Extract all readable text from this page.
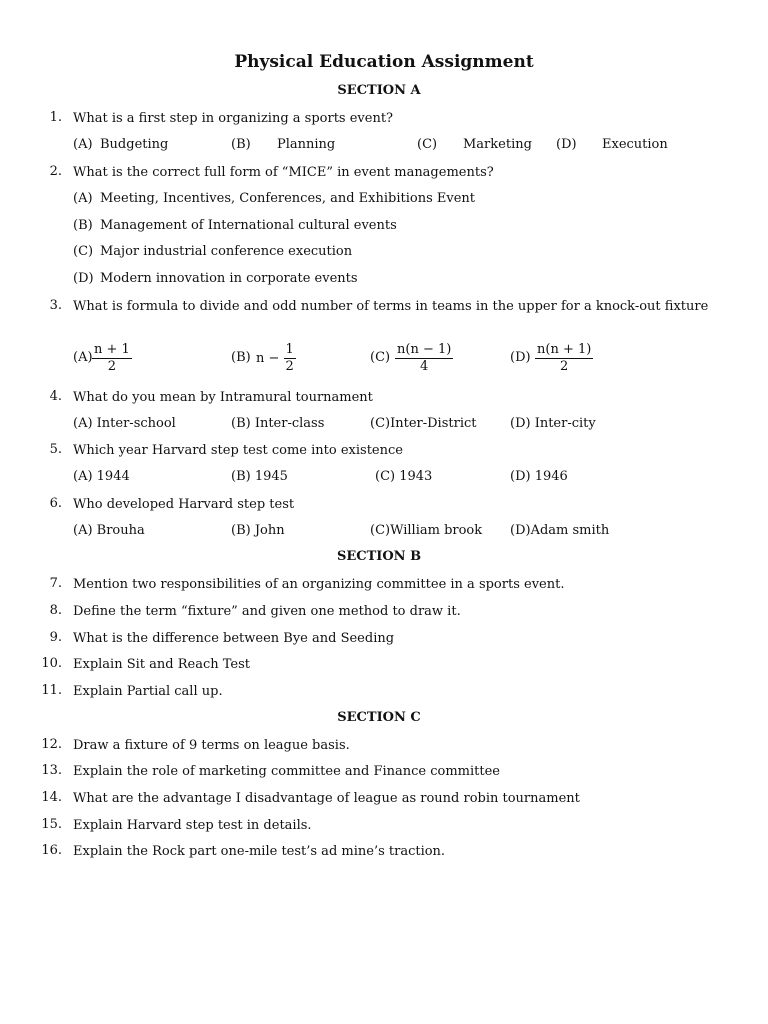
Physical Education Assignment
SECTION A
1. What is a first step in organizing a sports event?
(A) Budgeting	(B) Planning	(C) Marketing (D) Execution
2. What is the correct full form of “MICE” in event managements?
(A) Meeting, Incentives, Conferences, and Exhibitions Event
(B) Management of International cultural events
(C) Major industrial conference execution
(D) Modern innovation in corporate events
3. What is formula to divide and odd number of terms in teams in the upper for a knock-out fixture
$(A) \frac{n + 1}{2}$	(B) $n - \frac{1}{2}$	$(C) \frac{n(n - 1)}{4}$	$(D) \frac{n(n + 1)}{2}$
4. What do you mean by Intramural tournament
(A) Inter-school	(B) Inter-class	(C)Inter-District	(D) Inter-city
5. Which year Harvard step test come into existence
(A) 1944	(B) 1945	(C) 1943	(D) 1946
6. Who developed Harvard step test
(A) Brouha	(B) John	(C)William brook (D)Adam smith
SECTION B
7. Mention two responsibilities of an organizing committee in a sports event.
8. Define the term “fixture” and given one method to draw it.
9. What is the difference between Bye and Seeding
10. Explain Sit and Reach Test
11. Explain Partial call up.
SECTION C
12. Draw a fixture of 9 terms on league basis.
13. Explain the role of marketing committee and Finance committee
14. What are the advantage I disadvantage of league as round robin tournament
15. Explain Harvard step test in details.
16. Explain the Rock part one-mile test’s ad mine’s traction.
